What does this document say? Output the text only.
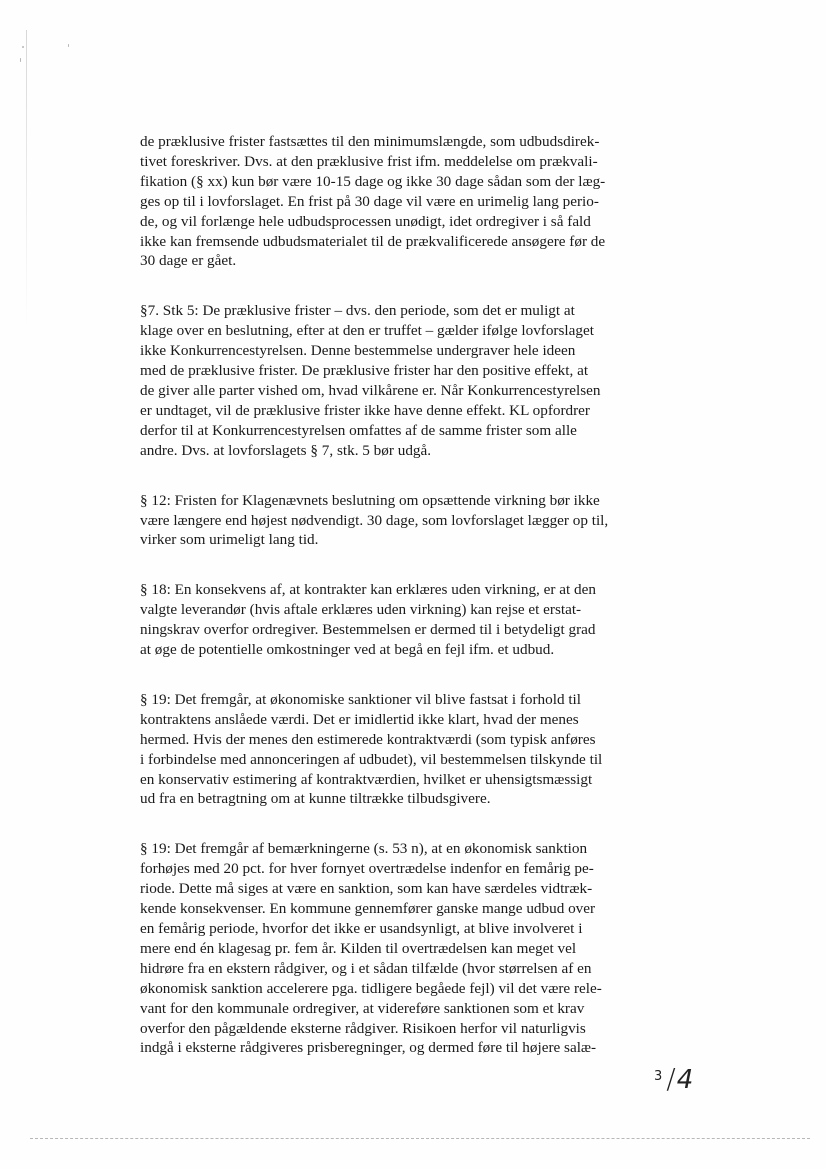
de præklusive frister fastsættes til den minimumslængde, som udbudsdirek-
tivet foreskriver. Dvs. at den præklusive frist ifm. meddelelse om prækvali-
fikation (§ xx) kun bør være 10-15 dage og ikke 30 dage sådan som der læg-
ges op til i lovforslaget. En frist på 30 dage vil være en urimelig lang perio-
de, og vil forlænge hele udbudsprocessen unødigt, idet ordregiver i så fald
ikke kan fremsende udbudsmaterialet til de prækvalificerede ansøgere før de
30 dage er gået.

§7. Stk 5: De præklusive frister – dvs. den periode, som det er muligt at
klage over en beslutning, efter at den er truffet – gælder ifølge lovforslaget
ikke Konkurrencestyrelsen. Denne bestemmelse undergraver hele ideen
med de præklusive frister. De præklusive frister har den positive effekt, at
de giver alle parter vished om, hvad vilkårene er. Når Konkurrencestyrelsen
er undtaget, vil de præklusive frister ikke have denne effekt. KL opfordrer
derfor til at Konkurrencestyrelsen omfattes af de samme frister som alle
andre. Dvs. at lovforslagets § 7, stk. 5 bør udgå.

§ 12: Fristen for Klagenævnets beslutning om opsættende virkning bør ikke
være længere end højest nødvendigt. 30 dage, som lovforslaget lægger op til,
virker som urimeligt lang tid.

§ 18: En konsekvens af, at kontrakter kan erklæres uden virkning, er at den
valgte leverandør (hvis aftale erklæres uden virkning) kan rejse et erstat-
ningskrav overfor ordregiver. Bestemmelsen er dermed til i betydeligt grad
at øge de potentielle omkostninger ved at begå en fejl ifm. et udbud.

§ 19: Det fremgår, at økonomiske sanktioner vil blive fastsat i forhold til
kontraktens anslåede værdi. Det er imidlertid ikke klart, hvad der menes
hermed. Hvis der menes den estimerede kontraktværdi (som typisk anføres
i forbindelse med annonceringen af udbudet), vil bestemmelsen tilskynde til
en konservativ estimering af kontraktværdien, hvilket er uhensigtsmæssigt
ud fra en betragtning om at kunne tiltrække tilbudsgivere.

§ 19: Det fremgår af bemærkningerne (s. 53 n), at en økonomisk sanktion
forhøjes med 20 pct. for hver fornyet overtrædelse indenfor en femårig pe-
riode. Dette må siges at være en sanktion, som kan have særdeles vidtræk-
kende konsekvenser. En kommune gennemfører ganske mange udbud over
en femårig periode, hvorfor det ikke er usandsynligt, at blive involveret i
mere end én klagesag pr. fem år. Kilden til overtrædelsen kan meget vel
hidrøre fra en ekstern rådgiver, og i et sådan tilfælde (hvor størrelsen af en
økonomisk sanktion accelerere pga. tidligere begåede fejl) vil det være rele-
vant for den kommunale ordregiver, at videreføre sanktionen som et krav
overfor den pågældende eksterne rådgiver. Risikoen herfor vil naturligvis
indgå i eksterne rådgiveres prisberegninger, og dermed føre til højere salæ-

$^3$ /4
